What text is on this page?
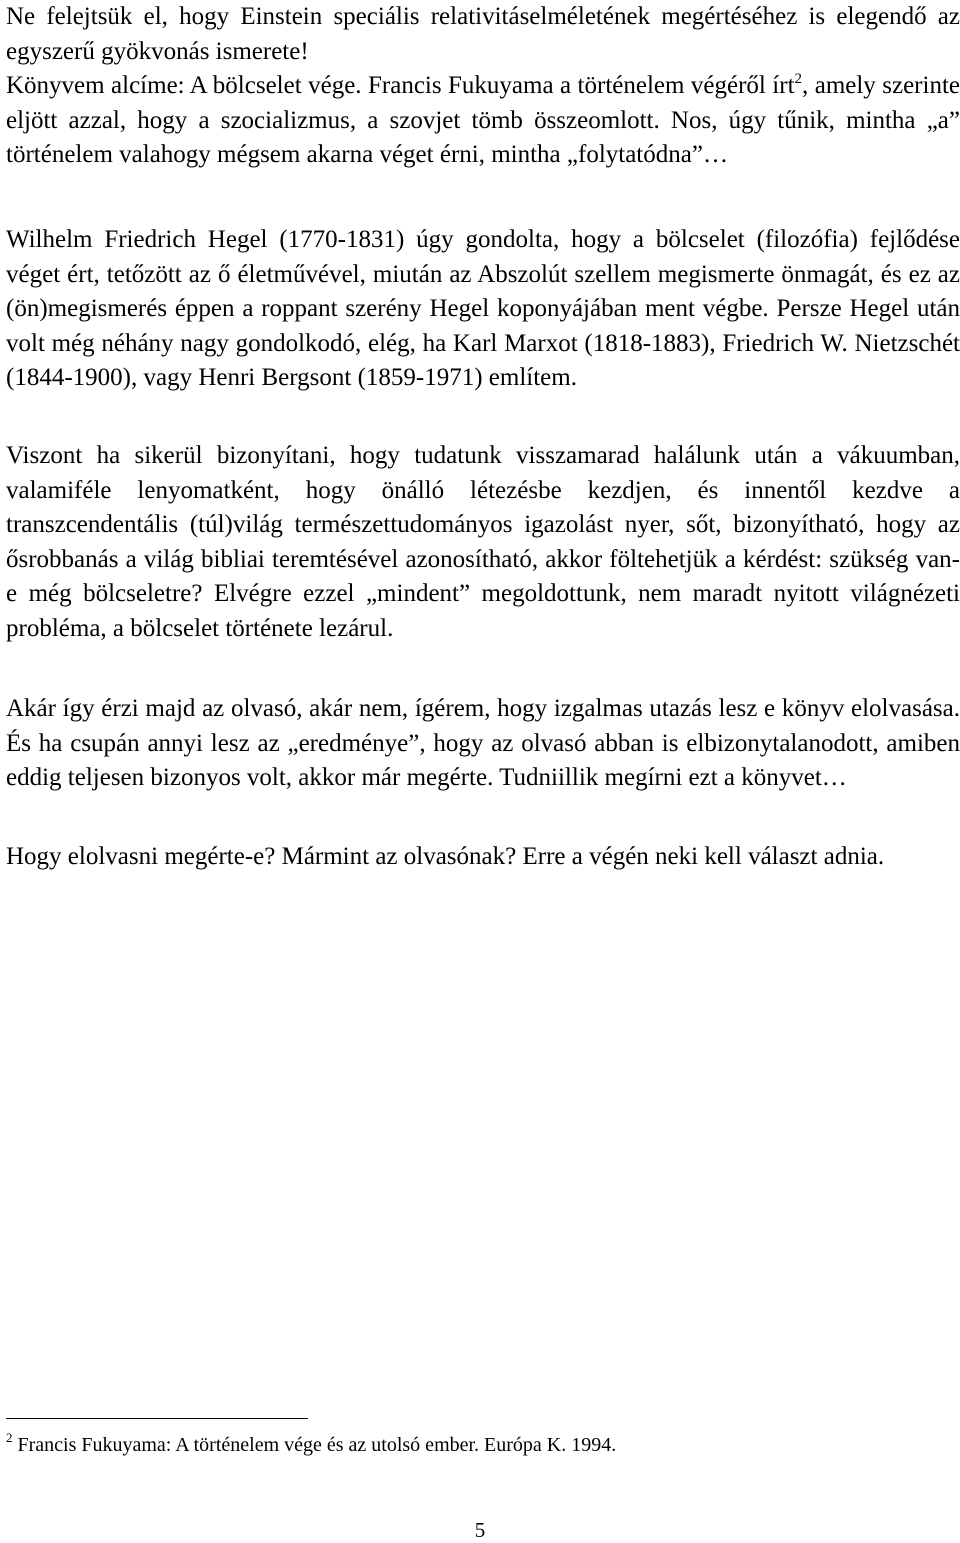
Ne felejtsük el, hogy Einstein speciális relativitáselméletének megértéséhez is elegendő az egyszerű gyökvonás ismerete!
Könyvem alcíme: A bölcselet vége. Francis Fukuyama a történelem végéről írt$^2$, amely szerinte eljött azzal, hogy a szocializmus, a szovjet tömb összeomlott. Nos, úgy tűnik, mintha „a” történelem valahogy mégsem akarna véget érni, mintha „folytatódna”…

Wilhelm Friedrich Hegel (1770-1831) úgy gondolta, hogy a bölcselet (filozófia) fejlődése véget ért, tetőzött az ő életművével, miután az Abszolút szellem megismerte önmagát, és ez az (ön)megismerés éppen a roppant szerény Hegel koponyájában ment végbe. Persze Hegel után volt még néhány nagy gondolkodó, elég, ha Karl Marxot (1818-1883), Friedrich W. Nietzschét (1844-1900), vagy Henri Bergsont (1859-1971) említem.

Viszont ha sikerül bizonyítani, hogy tudatunk visszamarad halálunk után a vákuumban, valamiféle lenyomatként, hogy önálló létezésbe kezdjen, és innentől kezdve a transzcendentális (túl)világ természettudományos igazolást nyer, sőt, bizonyítható, hogy az ősrobbanás a világ bibliai teremtésével azonosítható, akkor föltehetjük a kérdést: szükség van-e még bölcseletre? Elvégre ezzel „mindent” megoldottunk, nem maradt nyitott világnézeti probléma, a bölcselet története lezárul.

Akár így érzi majd az olvasó, akár nem, ígérem, hogy izgalmas utazás lesz e könyv elolvasása. És ha csupán annyi lesz az „eredménye”, hogy az olvasó abban is elbizonytalanodott, amiben eddig teljesen bizonyos volt, akkor már megérte. Tudniillik megírni ezt a könyvet…

Hogy elolvasni megérte-e? Mármint az olvasónak? Erre a végén neki kell választ adnia.

$^2$ Francis Fukuyama: A történelem vége és az utolsó ember. Európa K. 1994.
5
